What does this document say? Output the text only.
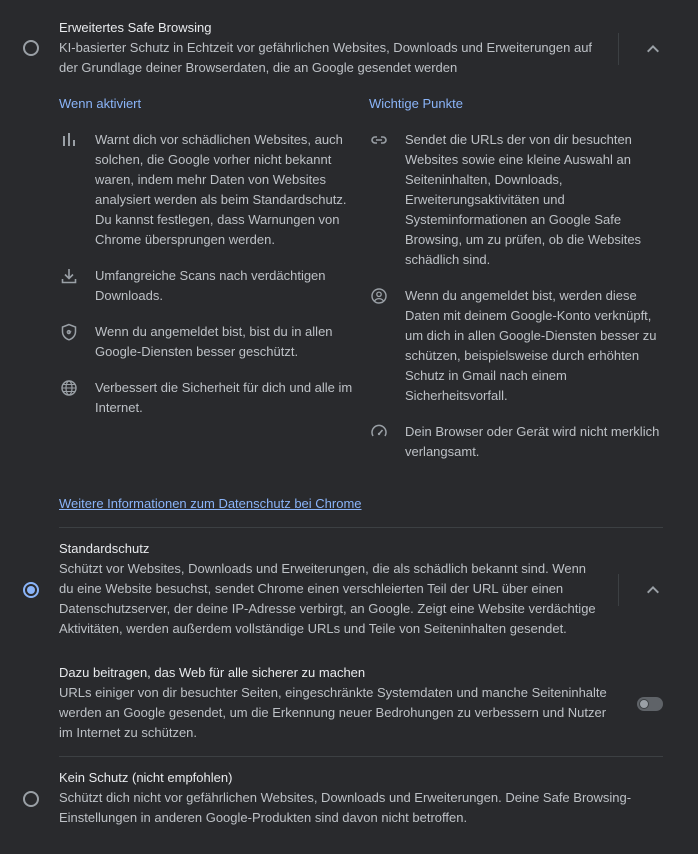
Erweitertes Safe Browsing
KI-basierter Schutz in Echtzeit vor gefährlichen Websites, Downloads und Erweiterungen auf der Grundlage deiner Browserdaten, die an Google gesendet werden
Wenn aktiviert	Wichtige Punkte
Warnt dich vor schädlichen Websites, auch solchen, die Google vorher nicht bekannt waren, indem mehr Daten von Websites analysiert werden als beim Standardschutz. Du kannst festlegen, dass Warnungen von Chrome übersprungen werden.
Umfangreiche Scans nach verdächtigen Downloads.
Wenn du angemeldet bist, bist du in allen Google-Diensten besser geschützt.
Verbessert die Sicherheit für dich und alle im Internet.
Sendet die URLs der von dir besuchten Websites sowie eine kleine Auswahl an Seiteninhalten, Downloads, Erweiterungsaktivitäten und Systeminformationen an Google Safe Browsing, um zu prüfen, ob die Websites schädlich sind.
Wenn du angemeldet bist, werden diese Daten mit deinem Google-Konto verknüpft, um dich in allen Google-Diensten besser zu schützen, beispielsweise durch erhöhten Schutz in Gmail nach einem Sicherheitsvorfall.
Dein Browser oder Gerät wird nicht merklich verlangsamt.
Weitere Informationen zum Datenschutz bei Chrome
Standardschutz
Schützt vor Websites, Downloads und Erweiterungen, die als schädlich bekannt sind. Wenn du eine Website besuchst, sendet Chrome einen verschleierten Teil der URL über einen Datenschutzserver, der deine IP-Adresse verbirgt, an Google. Zeigt eine Website verdächtige Aktivitäten, werden außerdem vollständige URLs und Teile von Seiteninhalten gesendet.
Dazu beitragen, das Web für alle sicherer zu machen
URLs einiger von dir besuchter Seiten, eingeschränkte Systemdaten und manche Seiteninhalte werden an Google gesendet, um die Erkennung neuer Bedrohungen zu verbessern und Nutzer im Internet zu schützen.
Kein Schutz (nicht empfohlen)
Schützt dich nicht vor gefährlichen Websites, Downloads und Erweiterungen. Deine Safe Browsing-Einstellungen in anderen Google-Produkten sind davon nicht betroffen.
